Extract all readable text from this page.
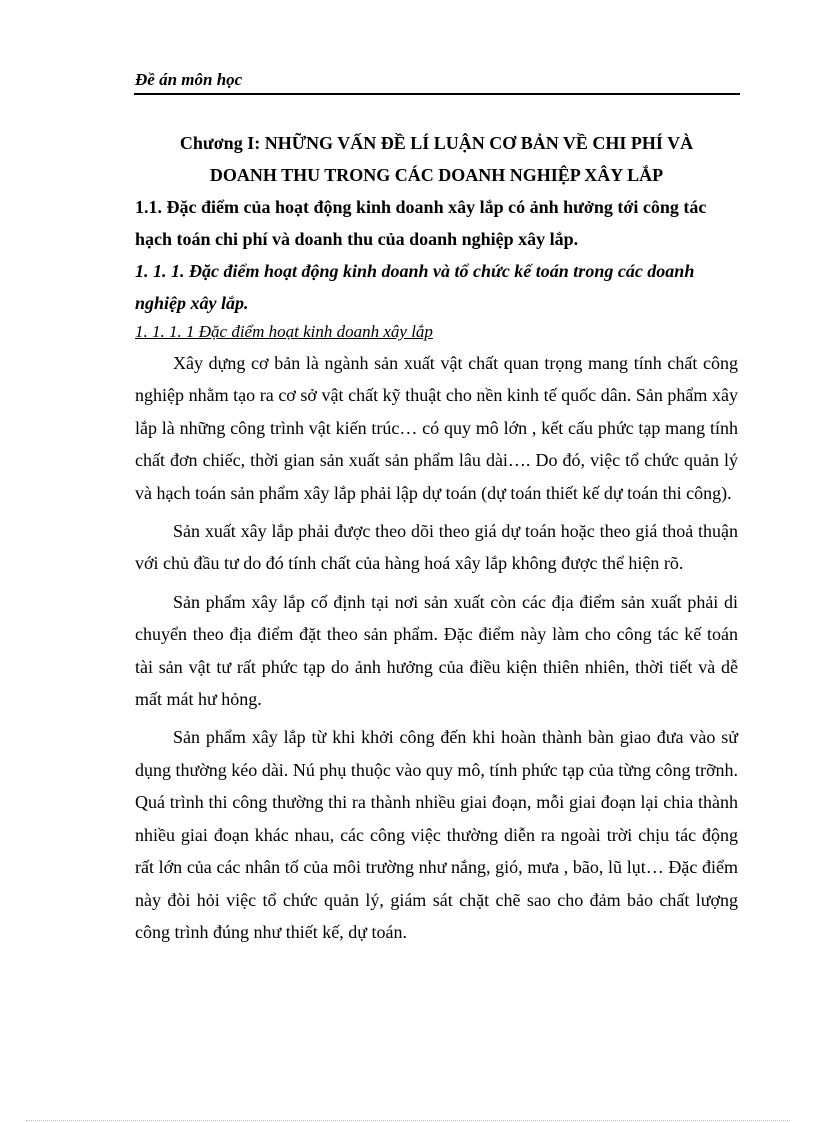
Đề án môn học

Chương I: NHỮNG VẤN ĐỀ LÍ LUẬN CƠ BẢN VỀ CHI PHÍ VÀ

DOANH THU TRONG CÁC DOANH NGHIỆP XÂY LẮP

1.1. Đặc điểm của hoạt động kinh doanh xây lắp có ảnh hưởng tới công tác hạch toán chi phí và doanh thu của doanh nghiệp xây lắp.

1. 1. 1. Đặc điểm hoạt động kinh doanh và tổ chức kế toán trong các doanh nghiệp xây lắp.

1. 1. 1. 1 Đặc điểm hoạt kinh doanh xây lắp

Xây dựng cơ bản là ngành sản xuất vật chất quan trọng mang tính chất công nghiệp nhằm tạo ra cơ sở vật chất kỹ thuật cho nền kinh tế quốc dân. Sản phẩm xây lắp là những công trình vật kiến trúc… có quy mô lớn , kết cấu phức tạp mang tính chất đơn chiếc, thời gian sản xuất sản phẩm lâu dài…. Do đó, việc tổ chức quản lý và hạch toán sản phẩm xây lắp phải lập dự toán (dự toán thiết kế dự toán thi công).

Sản xuất xây lắp phải được theo dõi theo giá dự toán hoặc theo giá thoả thuận với chủ đầu tư do đó tính chất của hàng hoá xây lắp không được thể hiện rõ.

Sản phẩm xây lắp cố định tại nơi sản xuất còn các địa điểm sản xuất phải di chuyển theo địa điểm đặt theo sản phẩm. Đặc điểm này làm cho công tác kế toán tài sản vật tư rất phức tạp do ảnh hưởng của điều kiện thiên nhiên, thời tiết và dễ mất mát hư hỏng.

Sản phẩm xây lắp từ khi khởi công đến khi hoàn thành bàn giao đưa vào sử dụng thường kéo dài. Nú phụ thuộc vào quy mô, tính phức tạp của từng công trỡnh. Quá trình thi công thường thi ra thành nhiều giai đoạn, mỗi giai đoạn lại chia thành nhiều giai đoạn khác nhau, các công việc thường diễn ra ngoài trời chịu tác động rất lớn của các nhân tố của môi trường như nắng, gió, mưa , bão, lũ lụt… Đặc điểm này đòi hỏi việc tổ chức quản lý, giám sát chặt chẽ sao cho đảm bảo chất lượng công trình đúng như thiết kế, dự toán.
